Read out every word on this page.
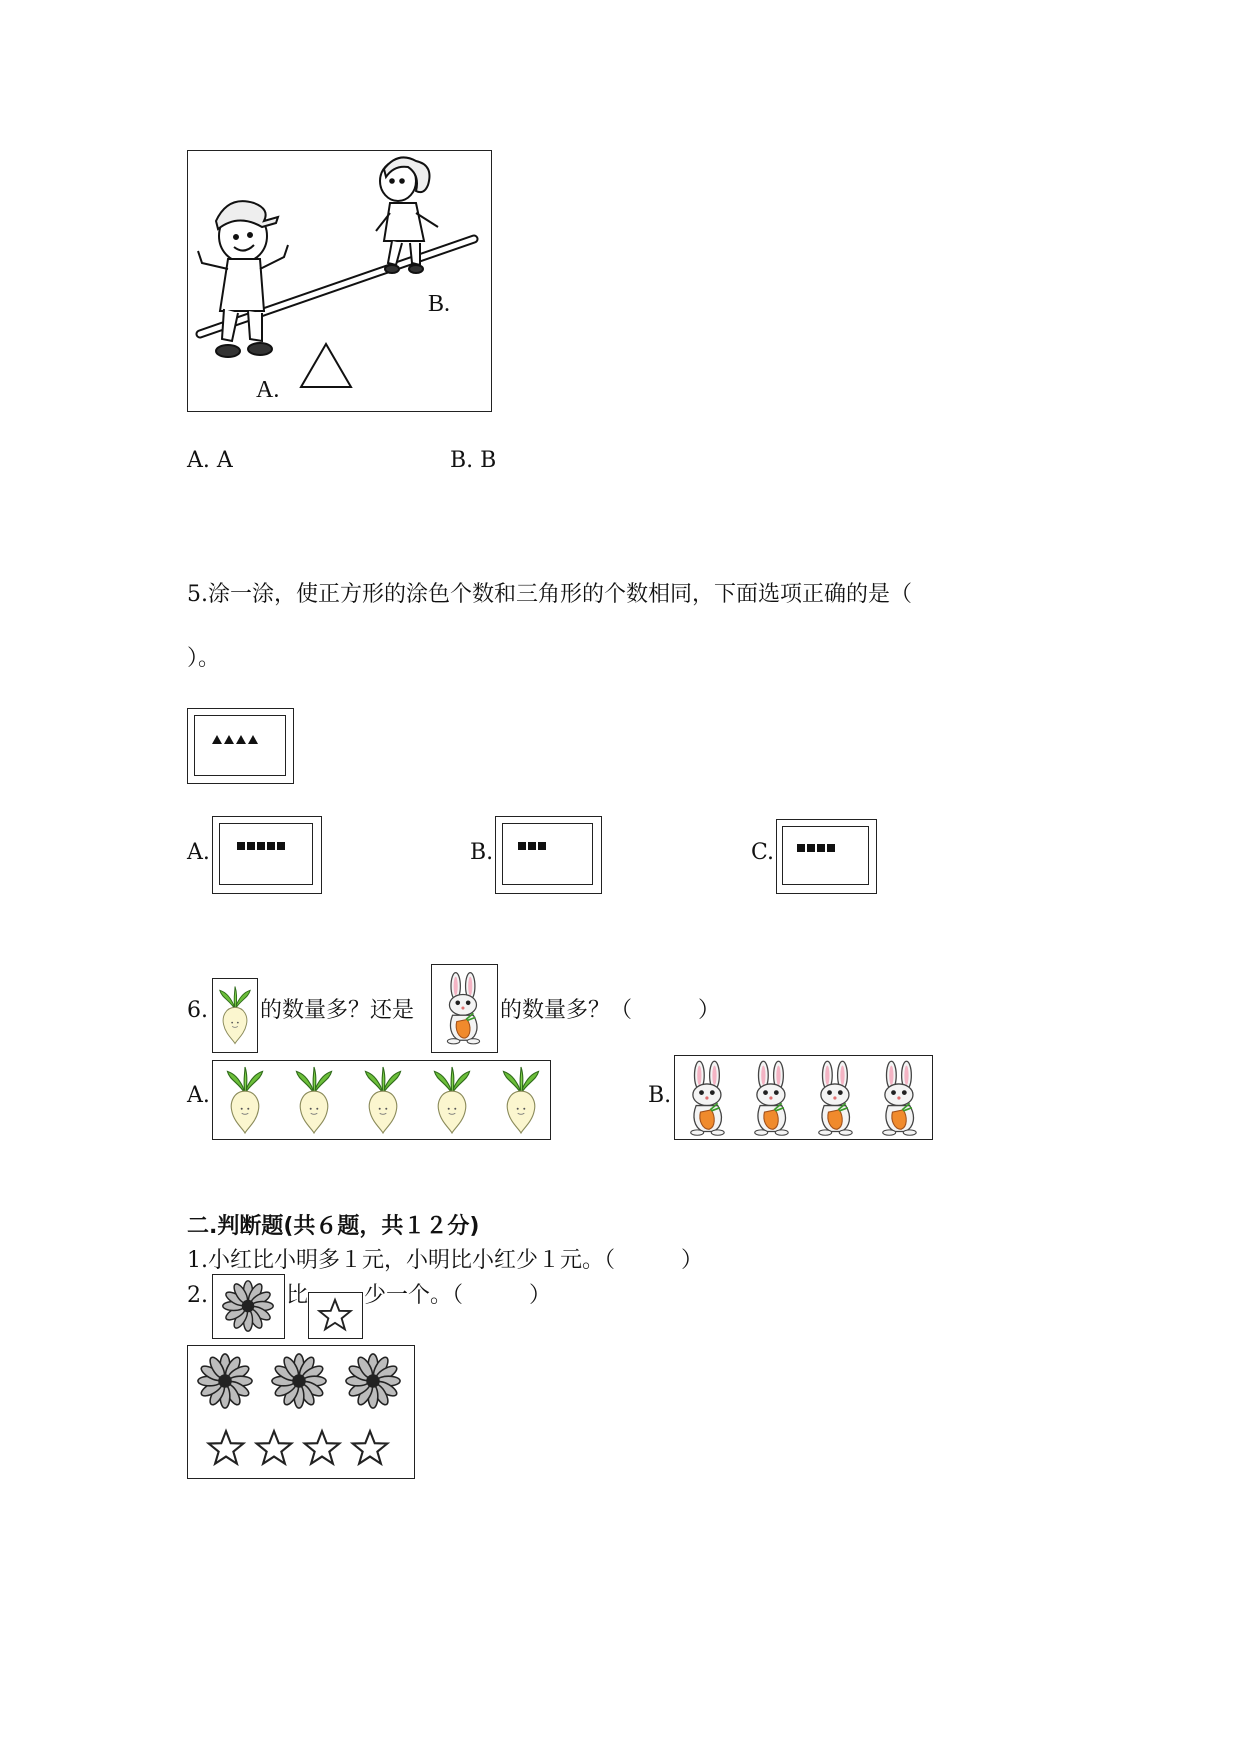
B.
A.
A. A	B. B
5.涂一涂，使正方形的涂色个数和三角形的个数相同，下面选项正确的是（
）。
A.	B.	C.
6. 的数量多？还是	的数量多？（　　　）
A.	B.
二.判断题(共６题，共１２分)
1.小红比小明多１元，小明比小红少１元。（　　　）
2.	比	少一个。（　　　）
